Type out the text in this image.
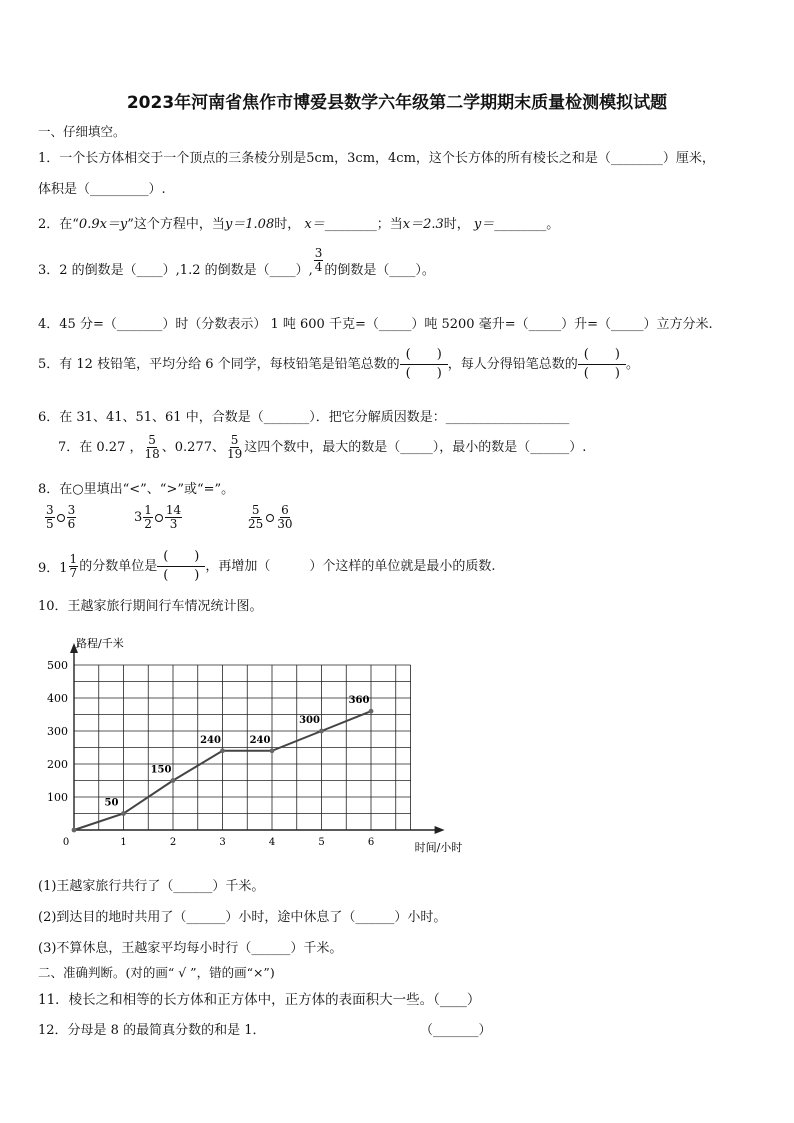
2023年河南省焦作市博爱县数学六年级第二学期期末质量检测模拟试题
一、仔细填空。
1．一个长方体相交于一个顶点的三条棱分别是5cm，3cm，4cm，这个长方体的所有棱长之和是（________）厘米，
体积是（_________）.
2．在“0.9x＝y”这个方程中，当y＝1.08时， x＝________；当x＝2.3时， y＝________。
3．2 的倒数是（____）,1.2 的倒数是（____）, $\frac{3}{4}$ 的倒数是（____）。
4．45 分=（_______）时（分数表示） 1 吨 600 千克=（_____）吨 5200 毫升=（_____）升=（_____）立方分米.
5．有 12 枝铅笔，平均分给 6 个同学，每枝铅笔是铅笔总数的
(　　)
(　　)
，每人分得铅笔总数的
(　　)
(　　)
。
6．在 31、41、51、61 中，合数是（_______）．把它分解质因数是：___________________
7．在 0.27 ， $\frac{5}{18}$ 、0.277、 $\frac{5}{19}$ 这四个数中，最大的数是（_____），最小的数是（______）.
8．在○里填出“<”、“>”或“=”。
$\frac{3}{5} \frac{3}{6}$	$3 \frac{1}{2} \frac{14}{3}$	$\frac{5}{25} \frac{6}{30}$
9．$1 \frac{1}{7}$ 的分数单位是
(　　)
(　　)
，再增加（　　　）个这样的单位就是最小的质数.
10．王越家旅行期间行车情况统计图。
路程/千米
时间/小时
100
200
300
400
500
0	1	2	3	4	5	6
50
150
240	240
300
360
(1)王越家旅行共行了（______）千米。
(2)到达目的地时共用了（______）小时，途中休息了（______）小时。
(3)不算休息，王越家平均每小时行（______）千米。
二、准确判断。(对的画“ √ ”，错的画“×”)
11．棱长之和相等的长方体和正方体中，正方体的表面积大一些。（____）
12．分母是 8 的最简真分数的和是 1．	（_______）
